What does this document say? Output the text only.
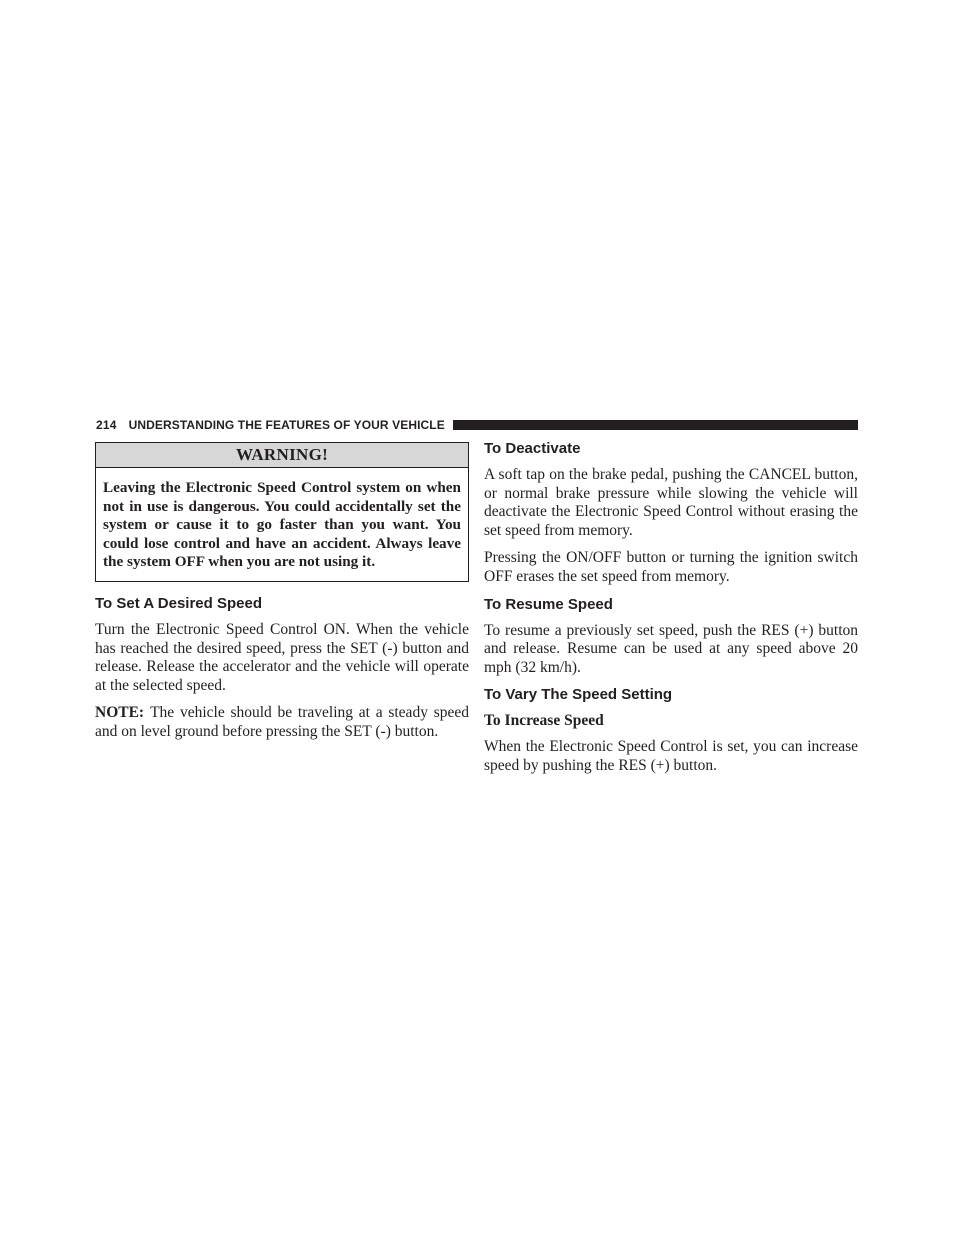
214 UNDERSTANDING THE FEATURES OF YOUR VEHICLE
WARNING!
Leaving the Electronic Speed Control system on when not in use is dangerous. You could accidentally set the system or cause it to go faster than you want. You could lose control and have an accident. Always leave the system OFF when you are not using it.
To Set A Desired Speed

Turn the Electronic Speed Control ON. When the vehicle has reached the desired speed, press the SET (-) button and release. Release the accelerator and the vehicle will operate at the selected speed.

NOTE: The vehicle should be traveling at a steady speed and on level ground before pressing the SET (-) button.

To Deactivate

A soft tap on the brake pedal, pushing the CANCEL button, or normal brake pressure while slowing the vehicle will deactivate the Electronic Speed Control without erasing the set speed from memory.

Pressing the ON/OFF button or turning the ignition switch OFF erases the set speed from memory.

To Resume Speed

To resume a previously set speed, push the RES (+) button and release. Resume can be used at any speed above 20 mph (32 km/h).

To Vary The Speed Setting
To Increase Speed

When the Electronic Speed Control is set, you can increase speed by pushing the RES (+) button.
